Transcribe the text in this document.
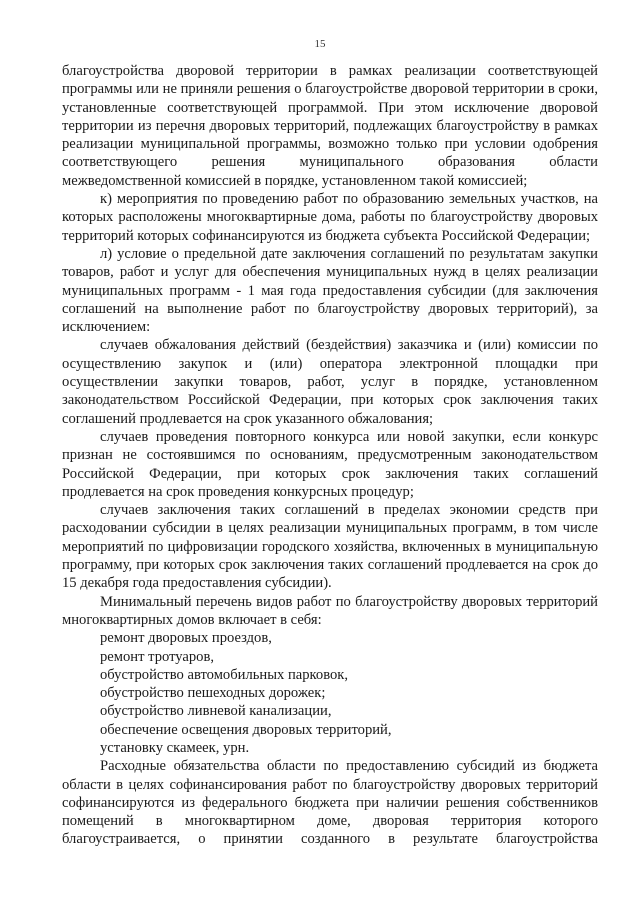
15

благоустройства дворовой территории в рамках реализации соответствующей программы или не приняли решения о благоустройстве дворовой территории в сроки, установленные соответствующей программой. При этом исключение дворовой территории из перечня дворовых территорий, подлежащих благоустройству в рамках реализации муниципальной программы, возможно только при условии одобрения соответствующего решения муниципального образования области межведомственной комиссией в порядке, установленном такой комиссией;

к) мероприятия по проведению работ по образованию земельных участков, на которых расположены многоквартирные дома, работы по благоустройству дворовых территорий которых софинансируются из бюджета субъекта Российской Федерации;

л) условие о предельной дате заключения соглашений по результатам закупки товаров, работ и услуг для обеспечения муниципальных нужд в целях реализации муниципальных программ - 1 мая года предоставления субсидии (для заключения соглашений на выполнение работ по благоустройству дворовых территорий), за исключением:

случаев обжалования действий (бездействия) заказчика и (или) комиссии по осуществлению закупок и (или) оператора электронной площадки при осуществлении закупки товаров, работ, услуг в порядке, установленном законодательством Российской Федерации, при которых срок заключения таких соглашений продлевается на срок указанного обжалования;

случаев проведения повторного конкурса или новой закупки, если конкурс признан не состоявшимся по основаниям, предусмотренным законодательством Российской Федерации, при которых срок заключения таких соглашений продлевается на срок проведения конкурсных процедур;

случаев заключения таких соглашений в пределах экономии средств при расходовании субсидии в целях реализации муниципальных программ, в том числе мероприятий по цифровизации городского хозяйства, включенных в муниципальную программу, при которых срок заключения таких соглашений продлевается на срок до 15 декабря года предоставления субсидии).

Минимальный перечень видов работ по благоустройству дворовых территорий многоквартирных домов включает в себя:

ремонт дворовых проездов,

ремонт тротуаров,

обустройство автомобильных парковок,

обустройство пешеходных дорожек;

обустройство ливневой канализации,

обеспечение освещения дворовых территорий,

установку скамеек, урн.

Расходные обязательства области по предоставлению субсидий из бюджета области в целях софинансирования работ по благоустройству дворовых территорий софинансируются из федерального бюджета при наличии решения собственников помещений в многоквартирном доме, дворовая территория которого благоустраивается, о принятии созданного в результате благоустройства
